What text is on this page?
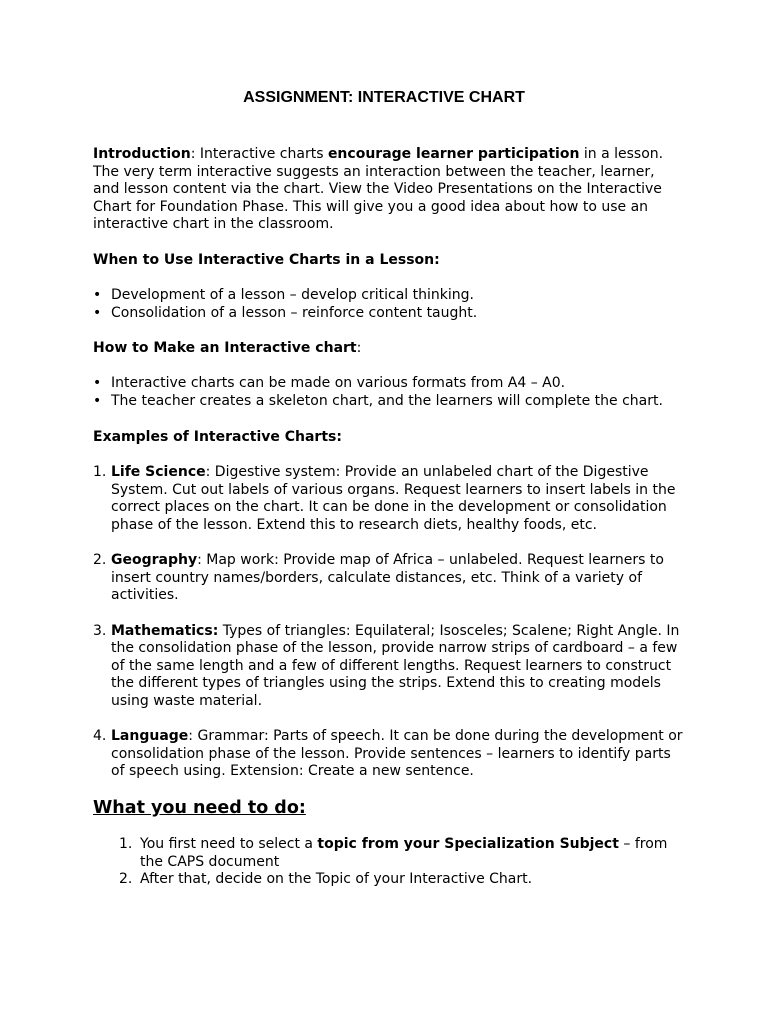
ASSIGNMENT: INTERACTIVE CHART

Introduction: Interactive charts encourage learner participation in a lesson. The very term interactive suggests an interaction between the teacher, learner, and lesson content via the chart. View the Video Presentations on the Interactive Chart for Foundation Phase. This will give you a good idea about how to use an interactive chart in the classroom.

When to Use Interactive Charts in a Lesson:

• Development of a lesson – develop critical thinking.
• Consolidation of a lesson – reinforce content taught.

How to Make an Interactive chart:

• Interactive charts can be made on various formats from A4 – A0.
• The teacher creates a skeleton chart, and the learners will complete the chart.

Examples of Interactive Charts:

1. Life Science: Digestive system: Provide an unlabeled chart of the Digestive System. Cut out labels of various organs. Request learners to insert labels in the correct places on the chart. It can be done in the development or consolidation phase of the lesson. Extend this to research diets, healthy foods, etc.
2. Geography: Map work: Provide map of Africa – unlabeled. Request learners to insert country names/borders, calculate distances, etc. Think of a variety of activities.
3. Mathematics: Types of triangles: Equilateral; Isosceles; Scalene; Right Angle. In the consolidation phase of the lesson, provide narrow strips of cardboard – a few of the same length and a few of different lengths. Request learners to construct the different types of triangles using the strips. Extend this to creating models using waste material.
4. Language: Grammar: Parts of speech. It can be done during the development or consolidation phase of the lesson. Provide sentences – learners to identify parts of speech using. Extension: Create a new sentence.

What you need to do:

1. You first need to select a topic from your Specialization Subject – from the CAPS document
2. After that, decide on the Topic of your Interactive Chart.
